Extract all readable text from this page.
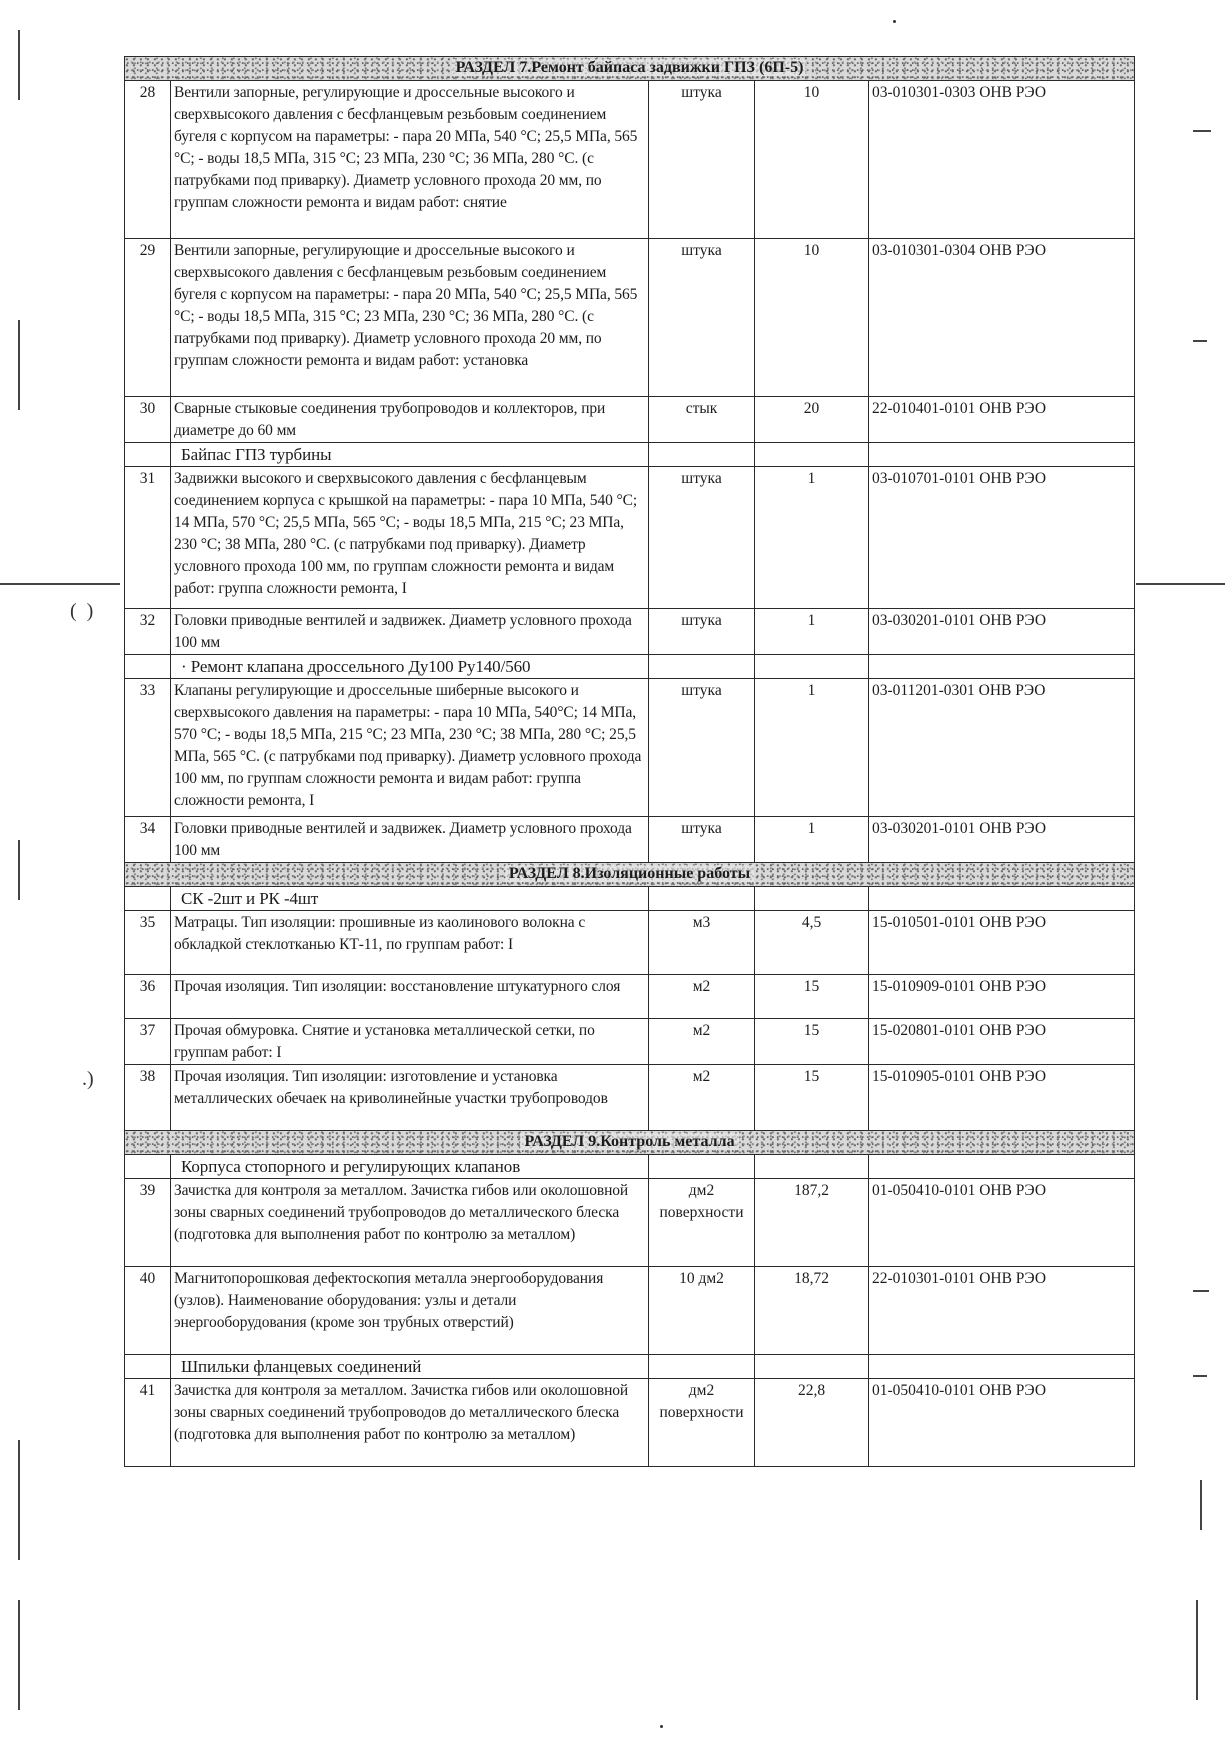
(  )
.)
РАЗДЕЛ 7.Ремонт байпаса задвижки ГПЗ (6П-5)				
28	Вентили запорные, регулирующие и дроссельные высокого и сверхвысокого давления с бесфланцевым резьбовым соединением бугеля с корпусом на параметры: - пара 20 МПа, 540 °С; 25,5 МПа, 565 °С; - воды 18,5 МПа, 315 °С; 23 МПа, 230 °С; 36 МПа, 280 °С. (с патрубками под приварку). Диаметр условного прохода 20 мм, по группам сложности ремонта и видам работ: снятие	штука	10	03-010301-0303 ОНВ РЭО
29	Вентили запорные, регулирующие и дроссельные высокого и сверхвысокого давления с бесфланцевым резьбовым соединением бугеля с корпусом на параметры: - пара 20 МПа, 540 °С; 25,5 МПа, 565 °С; - воды 18,5 МПа, 315 °С; 23 МПа, 230 °С; 36 МПа, 280 °С. (с патрубками под приварку). Диаметр условного прохода 20 мм, по группам сложности ремонта и видам работ: установка	штука	10	03-010301-0304 ОНВ РЭО
30	Сварные стыковые соединения трубопроводов и коллекторов, при диаметре до 60 мм	стык	20	22-010401-0101 ОНВ РЭО
	Байпас ГПЗ турбины			
31	Задвижки высокого и сверхвысокого давления с бесфланцевым соединением корпуса с крышкой на параметры: - пара 10 МПа, 540 °С; 14 МПа, 570 °С; 25,5 МПа, 565 °С; - воды 18,5 МПа, 215 °С; 23 МПа, 230 °С; 38 МПа, 280 °С. (с патрубками под приварку). Диаметр условного прохода 100 мм, по группам сложности ремонта и видам работ: группа сложности ремонта, I	штука	1	03-010701-0101 ОНВ РЭО
32	Головки приводные вентилей и задвижек. Диаметр условного прохода 100 мм	штука	1	03-030201-0101 ОНВ РЭО
	· Ремонт клапана дроссельного Ду100 Ру140/560			
33	Клапаны регулирующие и дроссельные шиберные высокого и сверхвысокого давления на параметры: - пара 10 МПа, 540°С; 14 МПа, 570 °С; - воды 18,5 МПа, 215 °С; 23 МПа, 230 °С; 38 МПа, 280 °С; 25,5 МПа, 565 °С. (с патрубками под приварку). Диаметр условного прохода 100 мм, по группам сложности ремонта и видам работ: группа сложности ремонта, I	штука	1	03-011201-0301 ОНВ РЭО
34	Головки приводные вентилей и задвижек. Диаметр условного прохода 100 мм	штука	1	03-030201-0101 ОНВ РЭО
РАЗДЕЛ 8.Изоляционные работы				
	СК -2шт и РК -4шт			
35	Матрацы. Тип изоляции: прошивные из каолинового волокна с обкладкой стеклотканью КТ-11, по группам работ: I	м3	4,5	15-010501-0101 ОНВ РЭО
36	Прочая изоляция. Тип изоляции: восстановление штукатурного слоя	м2	15	15-010909-0101 ОНВ РЭО
37	Прочая обмуровка. Снятие и установка металлической сетки, по группам работ: I	м2	15	15-020801-0101 ОНВ РЭО
38	Прочая изоляция. Тип изоляции: изготовление и установка металлических обечаек на криволинейные участки трубопроводов	м2	15	15-010905-0101 ОНВ РЭО
РАЗДЕЛ 9.Контроль металла				
	Корпуса стопорного и регулирующих клапанов			
39	Зачистка для контроля за металлом. Зачистка гибов или околошовной зоны сварных соединений трубопроводов до металлического блеска (подготовка для выполнения работ по контролю за металлом)	дм2 поверхности	187,2	01-050410-0101 ОНВ РЭО
40	Магнитопорошковая дефектоскопия металла энергооборудования (узлов). Наименование оборудования: узлы и детали энергооборудования (кроме зон трубных отверстий)	10 дм2	18,72	22-010301-0101 ОНВ РЭО
	Шпильки фланцевых соединений			
41	Зачистка для контроля за металлом. Зачистка гибов или околошовной зоны сварных соединений трубопроводов до металлического блеска (подготовка для выполнения работ по контролю за металлом)	дм2 поверхности	22,8	01-050410-0101 ОНВ РЭО
